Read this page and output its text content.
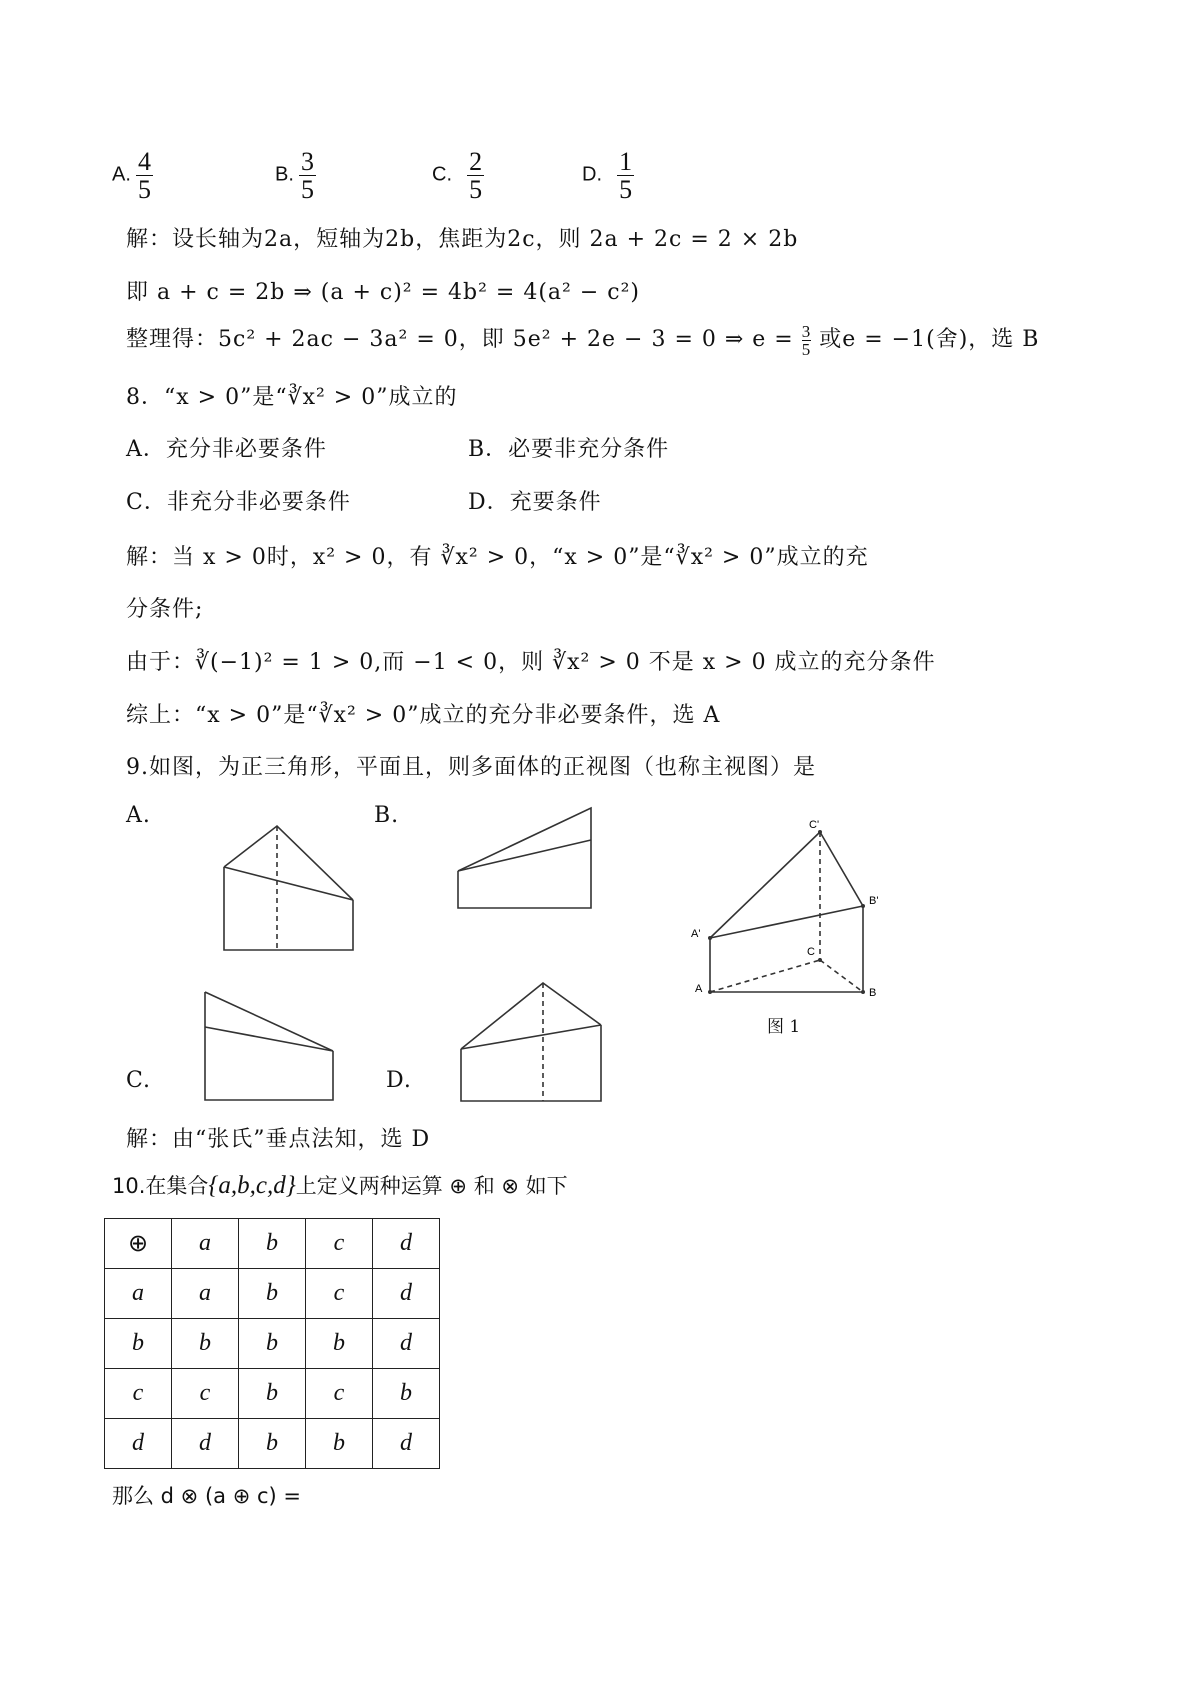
A. $\frac{4}{5}$	B. $\frac{3}{5}$	C. $\frac{2}{5}$	D. $\frac{1}{5}$
解：设长轴为2a，短轴为2b，焦距为2c，则 2a + 2c = 2 × 2b
即 a + c = 2b ⇒ (a + c)² = 4b² = 4(a² − c²)
整理得：5c² + 2ac − 3a² = 0，即 5e² + 2e − 3 = 0 ⇒ $e = \frac{3}{5}$ 或e = −1(舍)，选 B
8．“x > 0”是“∛x² > 0”成立的
A．充分非必要条件	B．必要非充分条件
C．非充分非必要条件	D．充要条件
解：当 x > 0时，x² > 0，有 ∛x² > 0，“x > 0”是“∛x² > 0”成立的充
分条件;
由于：∛(−1)² = 1 > 0,而 −1 < 0，则 ∛x² > 0 不是 x > 0 成立的充分条件
综上：“x > 0”是“∛x² > 0”成立的充分非必要条件，选 A
9.如图，为正三角形，平面且，则多面体的正视图（也称主视图）是
A.	B.
C.	D.
C'
B'
A'
C
A	B
图 1
解：由“张氏”垂点法知，选 D
10.在集合{a,b,c,d}上定义两种运算 ⊕ 和 ⊗ 如下
⊕	a	b	c	d
a	a	b	c	d
b	b	b	b	d
c	c	b	c	b
d	d	b	b	d
那么 d ⊗ (a ⊕ c) =
